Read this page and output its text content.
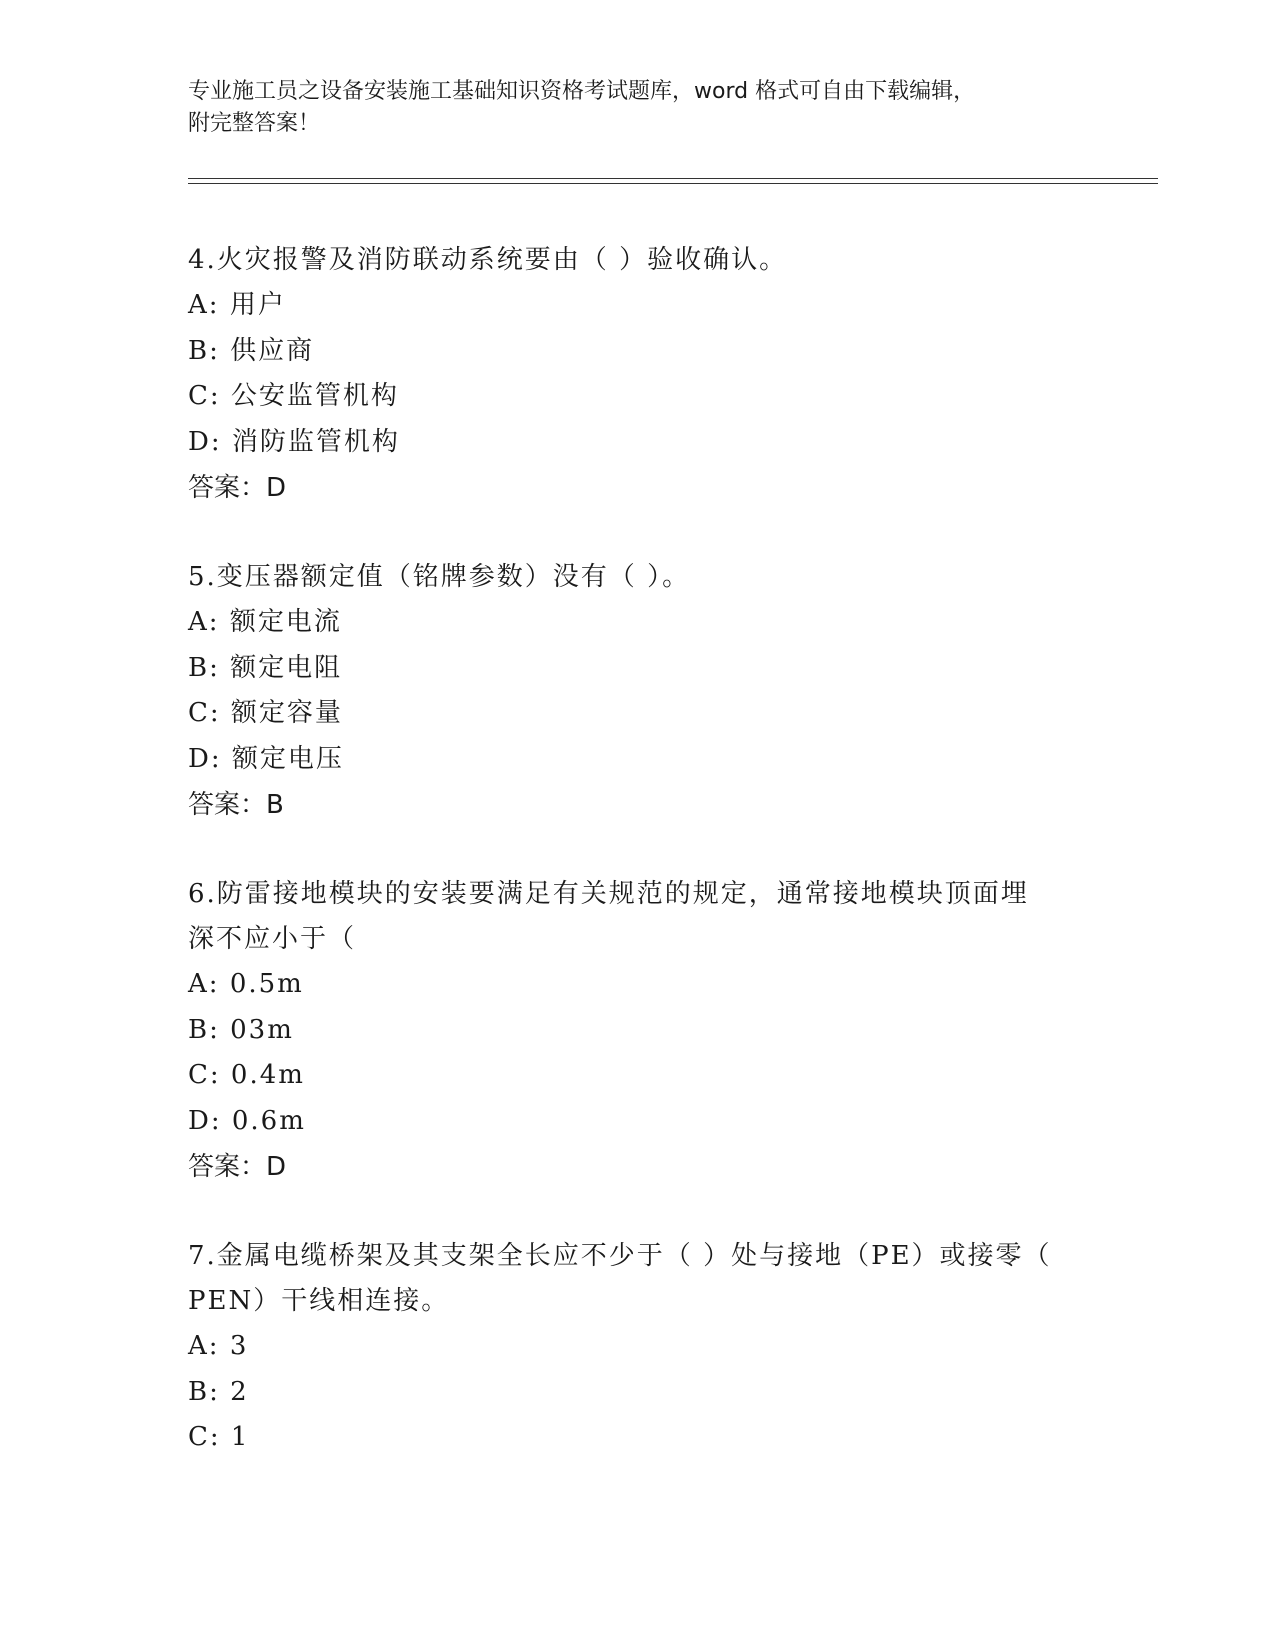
专业施工员之设备安装施工基础知识资格考试题库，word 格式可自由下载编辑，
附完整答案！

4.火灾报警及消防联动系统要由（ ）验收确认。

A: 用户

B: 供应商

C: 公安监管机构

D: 消防监管机构

答案：D

5.变压器额定值（铭牌参数）没有（ ）。

A: 额定电流

B: 额定电阻

C: 额定容量

D: 额定电压

答案：B

6.防雷接地模块的安装要满足有关规范的规定，通常接地模块顶面埋

深不应小于（

A: 0.5m

B: 03m

C: 0.4m

D: 0.6m

答案：D

7.金属电缆桥架及其支架全长应不少于（ ）处与接地（PE）或接零（

PEN）干线相连接。

A: 3

B: 2

C: 1
